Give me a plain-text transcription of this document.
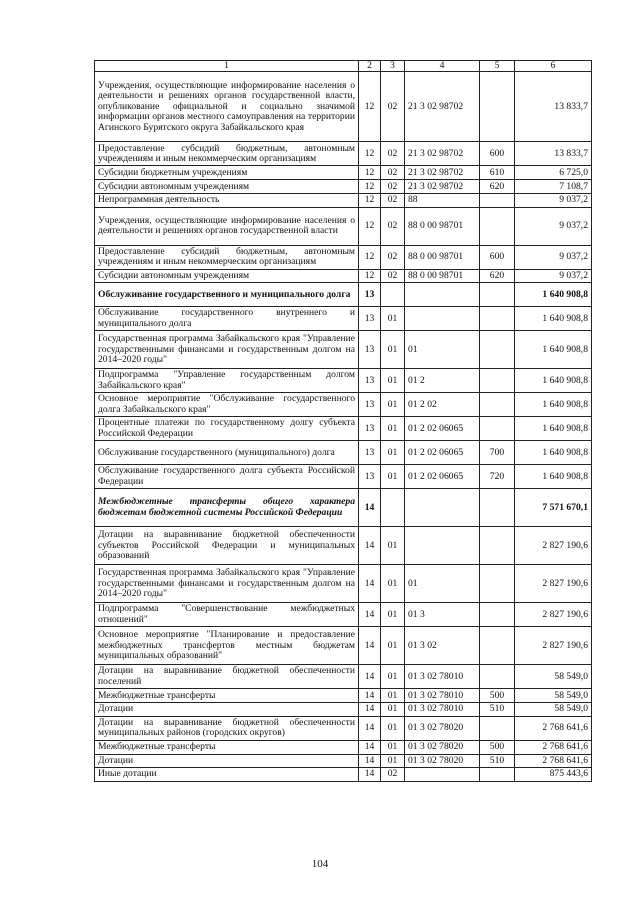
1	2	3	4	5	6
Учреждения, осуществляющие информирование населения о деятельности и решениях органов государственной власти, опубликование официальной и социально значимой информации органов местного самоуправления на территории Агинского Бурятского округа Забайкальского края	12	02	21 3 02 98702		13 833,7
Предоставление субсидий бюджетным, автономным учреждениям и иным некоммерческим организациям	12	02	21 3 02 98702	600	13 833,7
Субсидии бюджетным учреждениям	12	02	21 3 02 98702	610	6 725,0
Субсидии автономным учреждениям	12	02	21 3 02 98702	620	7 108,7
Непрограммная деятельность	12	02	88		9 037,2
Учреждения, осуществляющие информирование населения о деятельности и решениях органов государственной власти	12	02	88 0 00 98701		9 037,2
Предоставление субсидий бюджетным, автономным учреждениям и иным некоммерческим организациям	12	02	88 0 00 98701	600	9 037,2
Субсидии автономным учреждениям	12	02	88 0 00 98701	620	9 037,2
Обслуживание государственного и муниципального долга	13				1 640 908,8
Обслуживание государственного внутреннего и муниципального долга	13	01			1 640 908,8
Государственная программа Забайкальского края "Управление государственными финансами и государственным долгом на 2014–2020 годы"	13	01	01		1 640 908,8
Подпрограмма "Управление государственным долгом Забайкальского края"	13	01	01 2		1 640 908,8
Основное мероприятие "Обслуживание государственного долга Забайкальского края"	13	01	01 2 02		1 640 908,8
Процентные платежи по государственному долгу субъекта Российской Федерации	13	01	01 2 02 06065		1 640 908,8
Обслуживание государственного (муниципального) долга	13	01	01 2 02 06065	700	1 640 908,8
Обслуживание государственного долга субъекта Российской Федерации	13	01	01 2 02 06065	720	1 640 908,8
Межбюджетные трансферты общего характера бюджетам бюджетной системы Российской Федерации	14				7 571 670,1
Дотации на выравнивание бюджетной обеспеченности субъектов Российской Федерации и муниципальных образований	14	01			2 827 190,6
Государственная программа Забайкальского края "Управление государственными финансами и государственным долгом на 2014–2020 годы"	14	01	01		2 827 190,6
Подпрограмма "Совершенствование межбюджетных отношений"	14	01	01 3		2 827 190,6
Основное мероприятие "Планирование и предоставление межбюджетных трансфертов местным бюджетам муниципальных образований"	14	01	01 3 02		2 827 190,6
Дотации на выравнивание бюджетной обеспеченности поселений	14	01	01 3 02 78010		58 549,0
Межбюджетные трансферты	14	01	01 3 02 78010	500	58 549,0
Дотации	14	01	01 3 02 78010	510	58 549,0
Дотации на выравнивание бюджетной обеспеченности муниципальных районов (городских округов)	14	01	01 3 02 78020		2 768 641,6
Межбюджетные трансферты	14	01	01 3 02 78020	500	2 768 641,6
Дотации	14	01	01 3 02 78020	510	2 768 641,6
Иные дотации	14	02			875 443,6
104
